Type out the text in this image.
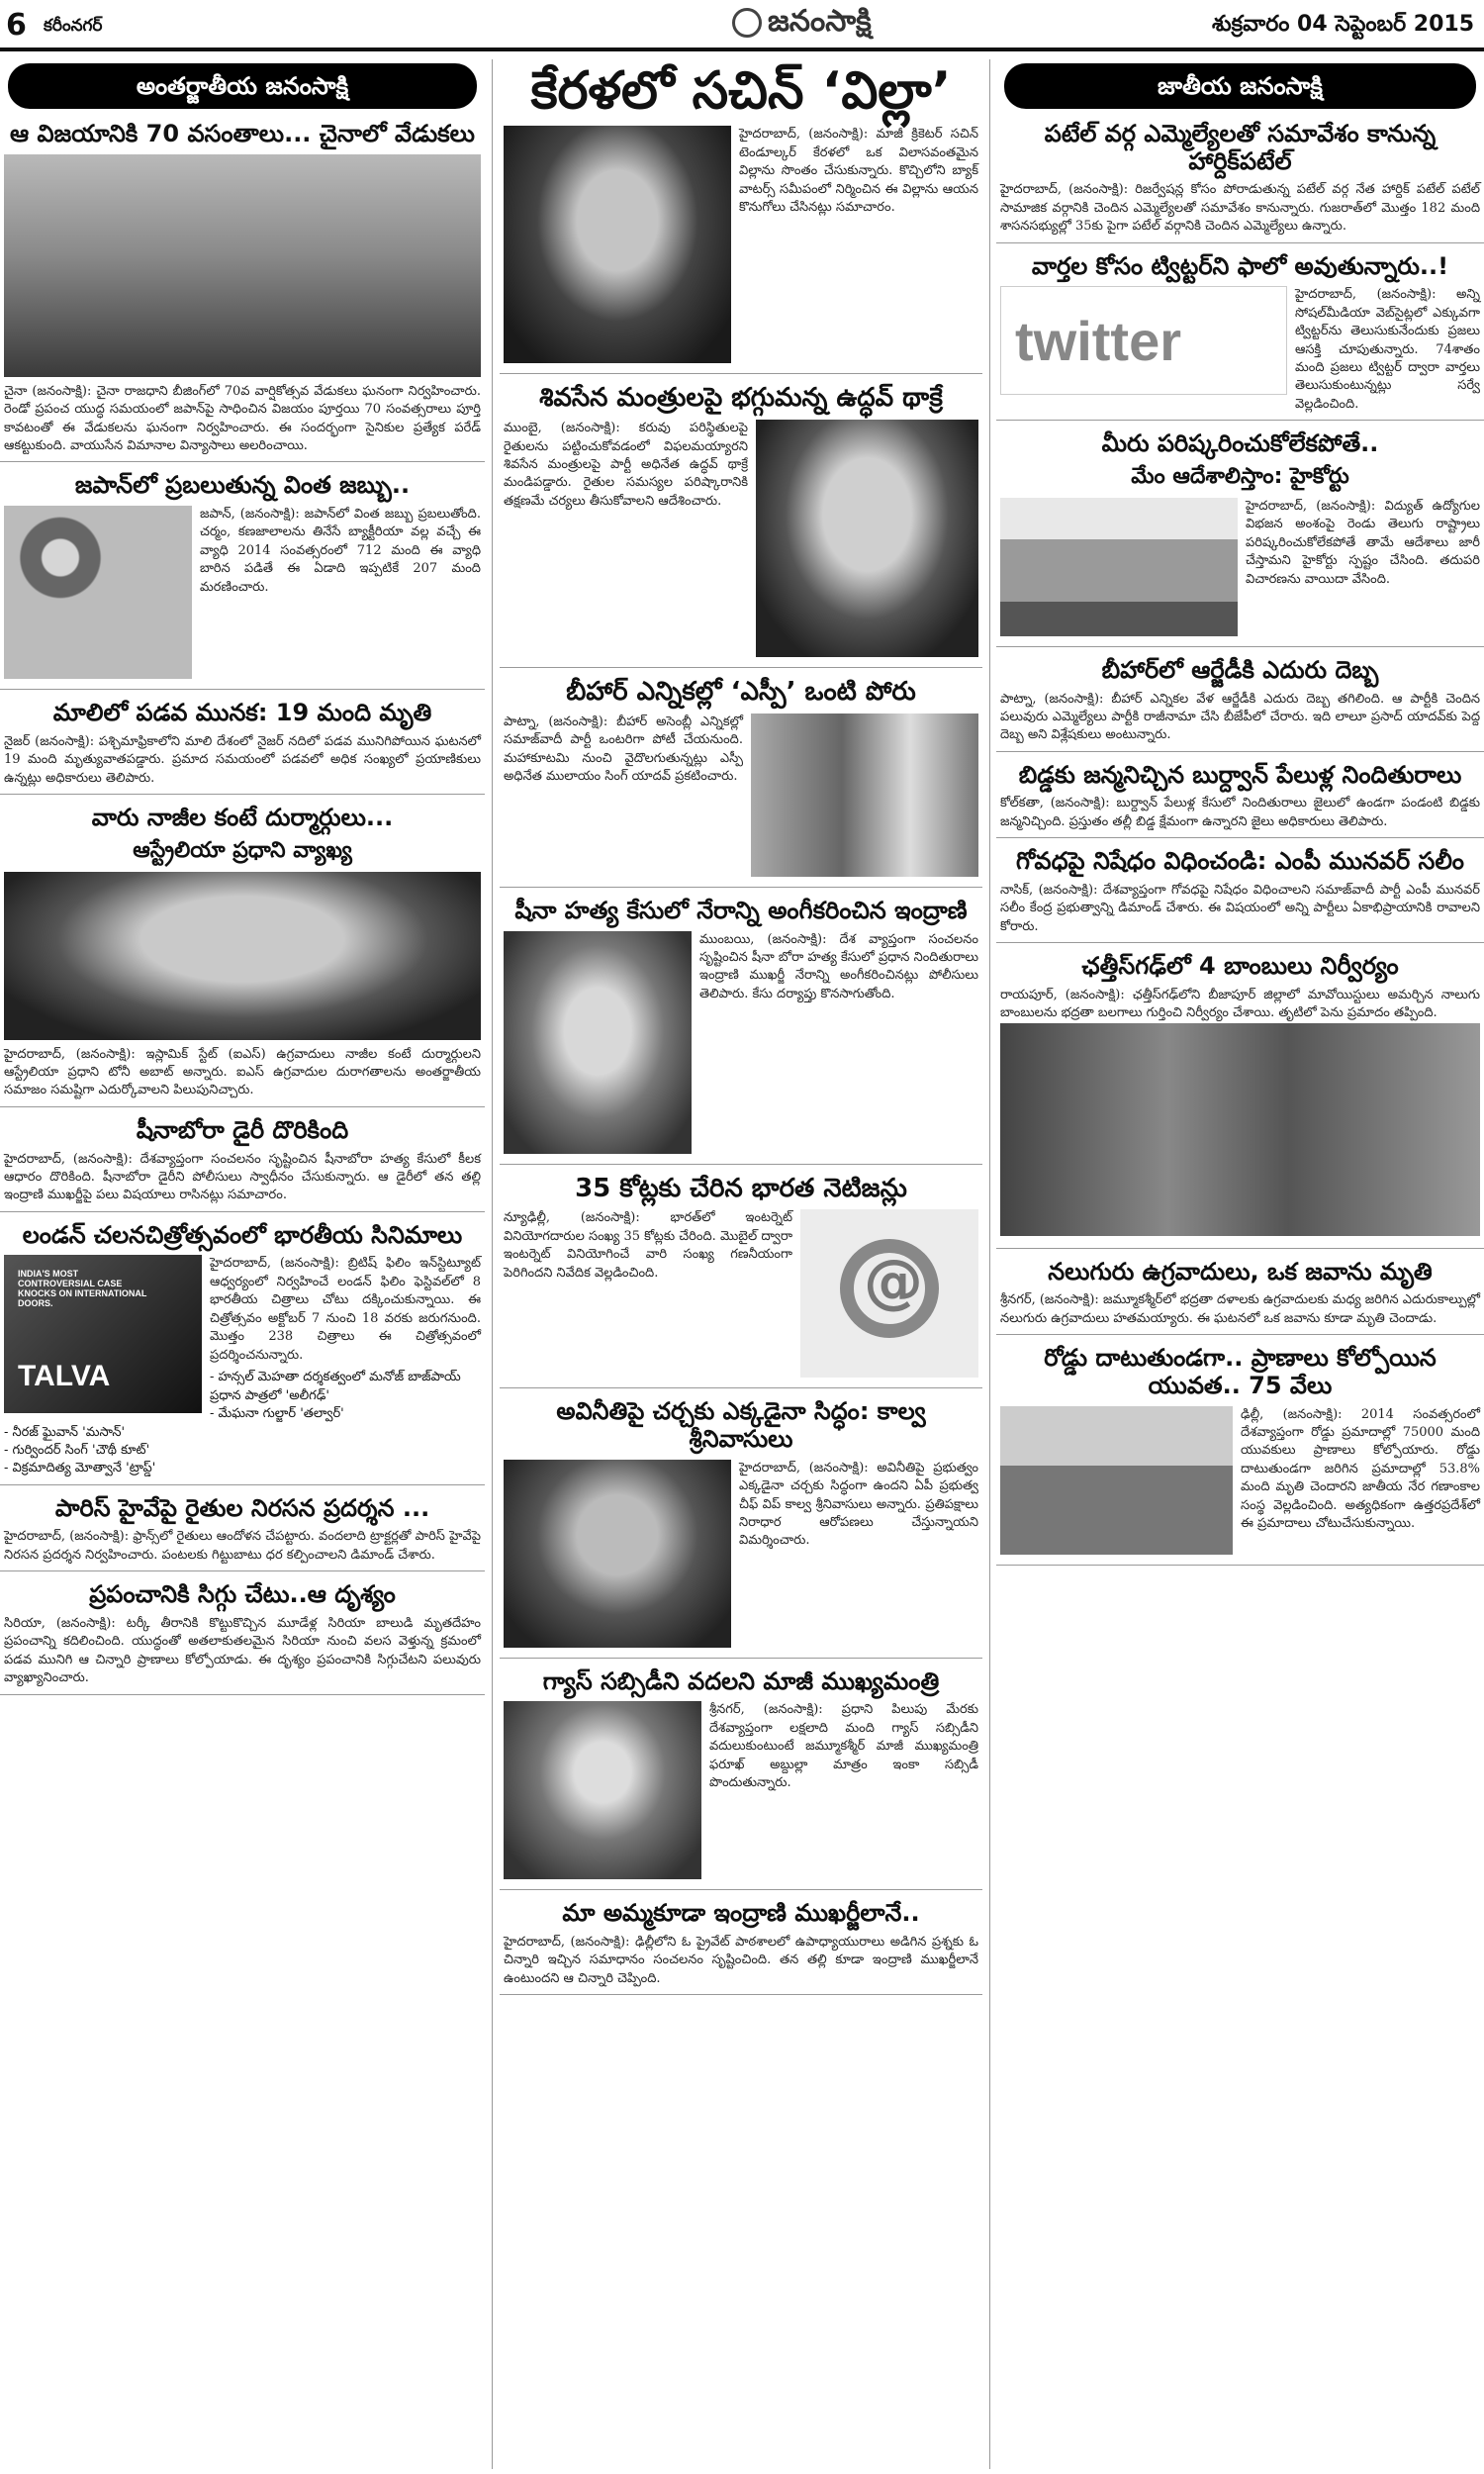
6 కరీంనగర్	జనంసాక్షి	శుక్రవారం 04 సెప్టెంబర్ 2015
అంతర్జాతీయ జనంసాక్షి
ఆ విజయానికి 70 వసంతాలు... చైనాలో వేడుకలు
చైనా (జనంసాక్షి): చైనా రాజధాని బీజింగ్‌లో 70వ వార్షికోత్సవ వేడుకలు ఘనంగా నిర్వహించారు. రెండో ప్రపంచ యుద్ధ సమయంలో జపాన్‌పై సాధించిన విజయం పూర్తయి 70 సంవత్సరాలు పూర్తి కావటంతో ఈ వేడుకలను ఘనంగా నిర్వహించారు. ఈ సందర్భంగా సైనికుల ప్రత్యేక పరేడ్ ఆకట్టుకుంది. వాయుసేన విమానాల విన్యాసాలు అలరించాయి.
జపాన్‌లో ప్రబలుతున్న వింత జబ్బు..
జపాన్, (జనంసాక్షి): జపాన్‌లో వింత జబ్బు ప్రబలుతోంది. చర్మం, కణజాలాలను తినేసే బ్యాక్టీరియా వల్ల వచ్చే ఈ వ్యాధి 2014 సంవత్సరంలో 712 మంది ఈ వ్యాధి బారిన పడితే ఈ ఏడాది ఇప్పటికే 207 మంది మరణించారు.
మాలిలో పడవ మునక: 19 మంది మృతి
నైజర్ (జనంసాక్షి): పశ్చిమాఫ్రికాలోని మాలి దేశంలో నైజర్ నదిలో పడవ మునిగిపోయిన ఘటనలో 19 మంది మృత్యువాతపడ్డారు. ప్రమాద సమయంలో పడవలో అధిక సంఖ్యలో ప్రయాణికులు ఉన్నట్లు అధికారులు తెలిపారు.
వారు నాజీల కంటే దుర్మార్గులు...
ఆస్ట్రేలియా ప్రధాని వ్యాఖ్య
హైదరాబాద్, (జనంసాక్షి): ఇస్లామిక్ స్టేట్ (ఐఎస్) ఉగ్రవాదులు నాజీల కంటే దుర్మార్గులని ఆస్ట్రేలియా ప్రధాని టోనీ అబాట్ అన్నారు. ఐఎస్ ఉగ్రవాదుల దురాగతాలను అంతర్జాతీయ సమాజం సమష్టిగా ఎదుర్కోవాలని పిలుపునిచ్చారు.
షీనాబోరా డైరీ దొరికింది
హైదరాబాద్, (జనంసాక్షి): దేశవ్యాప్తంగా సంచలనం సృష్టించిన షీనాబోరా హత్య కేసులో కీలక ఆధారం దొరికింది. షీనాబోరా డైరీని పోలీసులు స్వాధీనం చేసుకున్నారు. ఆ డైరీలో తన తల్లి ఇంద్రాణి ముఖర్జీపై పలు విషయాలు రాసినట్లు సమాచారం.
లండన్ చలనచిత్రోత్సవంలో భారతీయ సినిమాలు
INDIA'S MOST CONTROVERSIAL CASE KNOCKS ON INTERNATIONAL DOORS.
TALVA
హైదరాబాద్, (జనంసాక్షి): బ్రిటిష్ ఫిలిం ఇన్‌స్టిట్యూట్ ఆధ్వర్యంలో నిర్వహించే లండన్ ఫిలిం ఫెస్టివల్‌లో 8 భారతీయ చిత్రాలు చోటు దక్కించుకున్నాయి. ఈ చిత్రోత్సవం అక్టోబర్ 7 నుంచి 18 వరకు జరుగనుంది. మొత్తం 238 చిత్రాలు ఈ చిత్రోత్సవంలో ప్రదర్శించనున్నారు.
- హన్సల్ మెహతా దర్శకత్వంలో మనోజ్ బాజ్‌పాయ్ ప్రధాన పాత్రలో 'అలీగఢ్'
- మేఘనా గుల్జార్ 'తల్వార్'
- నీరజ్ ఘైవాన్ 'మసాన్'
- గుర్విందర్ సింగ్ 'చౌథీ కూట్'
- విక్రమాదిత్య మోత్వానే 'ట్రాప్డ్'
పారిస్ హైవేపై రైతుల నిరసన ప్రదర్శన ...
హైదరాబాద్, (జనంసాక్షి): ఫ్రాన్స్‌లో రైతులు ఆందోళన చేపట్టారు. వందలాది ట్రాక్టర్లతో పారిస్ హైవేపై నిరసన ప్రదర్శన నిర్వహించారు. పంటలకు గిట్టుబాటు ధర కల్పించాలని డిమాండ్ చేశారు.
ప్రపంచానికి సిగ్గు చేటు..ఆ దృశ్యం
సిరియా, (జనంసాక్షి): టర్కీ తీరానికి కొట్టుకొచ్చిన మూడేళ్ల సిరియా బాలుడి మృతదేహం ప్రపంచాన్ని కదిలించింది. యుద్ధంతో అతలాకుతలమైన సిరియా నుంచి వలస వెళ్తున్న క్రమంలో పడవ మునిగి ఆ చిన్నారి ప్రాణాలు కోల్పోయాడు. ఈ దృశ్యం ప్రపంచానికి సిగ్గుచేటని పలువురు వ్యాఖ్యానించారు.
కేరళలో సచిన్ ‘విల్లా’
హైదరాబాద్, (జనంసాక్షి): మాజీ క్రికెటర్ సచిన్ టెండూల్కర్ కేరళలో ఒక విలాసవంతమైన విల్లాను సొంతం చేసుకున్నారు. కొచ్చిలోని బ్యాక్ వాటర్స్ సమీపంలో నిర్మించిన ఈ విల్లాను ఆయన కొనుగోలు చేసినట్లు సమాచారం.
శివసేన మంత్రులపై భగ్గుమన్న ఉద్ధవ్ థాక్రే
ముంబై, (జనంసాక్షి): కరువు పరిస్థితులపై రైతులను పట్టించుకోవడంలో విఫలమయ్యారని శివసేన మంత్రులపై పార్టీ అధినేత ఉద్ధవ్ థాక్రే మండిపడ్డారు. రైతుల సమస్యల పరిష్కారానికి తక్షణమే చర్యలు తీసుకోవాలని ఆదేశించారు.
బీహార్ ఎన్నికల్లో ‘ఎస్పీ’ ఒంటి పోరు
పాట్నా, (జనంసాక్షి): బీహార్ అసెంబ్లీ ఎన్నికల్లో సమాజ్‌వాదీ పార్టీ ఒంటరిగా పోటీ చేయనుంది. మహాకూటమి నుంచి వైదొలగుతున్నట్లు ఎస్పీ అధినేత ములాయం సింగ్ యాదవ్ ప్రకటించారు.
షీనా హత్య కేసులో నేరాన్ని అంగీకరించిన ఇంద్రాణి
ముంబయి, (జనంసాక్షి): దేశ వ్యాప్తంగా సంచలనం సృష్టించిన షీనా బోరా హత్య కేసులో ప్రధాన నిందితురాలు ఇంద్రాణి ముఖర్జీ నేరాన్ని అంగీకరించినట్లు పోలీసులు తెలిపారు. కేసు దర్యాప్తు కొనసాగుతోంది.
35 కోట్లకు చేరిన భారత నెటిజన్లు
@
న్యూఢిల్లీ, (జనంసాక్షి): భారత్‌లో ఇంటర్నెట్ వినియోగదారుల సంఖ్య 35 కోట్లకు చేరింది. మొబైల్ ద్వారా ఇంటర్నెట్ వినియోగించే వారి సంఖ్య గణనీయంగా పెరిగిందని నివేదిక వెల్లడించింది.
అవినీతిపై చర్చకు ఎక్కడైనా సిద్ధం: కాల్వ శ్రీనివాసులు
హైదరాబాద్, (జనంసాక్షి): అవినీతిపై ప్రభుత్వం ఎక్కడైనా చర్చకు సిద్ధంగా ఉందని ఏపీ ప్రభుత్వ చీఫ్ విప్ కాల్వ శ్రీనివాసులు అన్నారు. ప్రతిపక్షాలు నిరాధార ఆరోపణలు చేస్తున్నాయని విమర్శించారు.
గ్యాస్ సబ్సిడీని వదలని మాజీ ముఖ్యమంత్రి
శ్రీనగర్, (జనంసాక్షి): ప్రధాని పిలుపు మేరకు దేశవ్యాప్తంగా లక్షలాది మంది గ్యాస్ సబ్సిడీని వదులుకుంటుంటే జమ్మూకశ్మీర్ మాజీ ముఖ్యమంత్రి ఫరూఖ్ అబ్దుల్లా మాత్రం ఇంకా సబ్సిడీ పొందుతున్నారు.
మా అమ్మకూడా ఇంద్రాణి ముఖర్జీలానే..
హైదరాబాద్, (జనంసాక్షి): ఢిల్లీలోని ఓ ప్రైవేట్ పాఠశాలలో ఉపాధ్యాయురాలు అడిగిన ప్రశ్నకు ఓ చిన్నారి ఇచ్చిన సమాధానం సంచలనం సృష్టించింది. తన తల్లి కూడా ఇంద్రాణి ముఖర్జీలానే ఉంటుందని ఆ చిన్నారి చెప్పింది.
జాతీయ జనంసాక్షి
పటేల్ వర్గ ఎమ్మెల్యేలతో సమావేశం కానున్న హార్దిక్‌పటేల్
హైదరాబాద్, (జనంసాక్షి): రిజర్వేషన్ల కోసం పోరాడుతున్న పటేల్ వర్గ నేత హార్దిక్ పటేల్ పటేల్ సామాజిక వర్గానికి చెందిన ఎమ్మెల్యేలతో సమావేశం కానున్నారు. గుజరాత్‌లో మొత్తం 182 మంది శాసనసభ్యుల్లో 35కు పైగా పటేల్ వర్గానికి చెందిన ఎమ్మెల్యేలు ఉన్నారు.
వార్తల కోసం ట్విట్టర్‌ని ఫాలో అవుతున్నారు..!
twitter
హైదరాబాద్, (జనంసాక్షి): అన్ని సోషల్‌మీడియా వెబ్‌సైట్లలో ఎక్కువగా ట్విట్టర్‌ను తెలుసుకునేందుకు ప్రజలు ఆసక్తి చూపుతున్నారు. 74శాతం మంది ప్రజలు ట్విట్టర్ ద్వారా వార్తలు తెలుసుకుంటున్నట్లు సర్వే వెల్లడించింది.
మీరు పరిష్కరించుకోలేకపోతే..
మేం ఆదేశాలిస్తాం: హైకోర్టు
హైదరాబాద్, (జనంసాక్షి): విద్యుత్ ఉద్యోగుల విభజన అంశంపై రెండు తెలుగు రాష్ట్రాలు పరిష్కరించుకోలేకపోతే తామే ఆదేశాలు జారీ చేస్తామని హైకోర్టు స్పష్టం చేసింది. తదుపరి విచారణను వాయిదా వేసింది.
బీహార్‌లో ఆర్జేడీకి ఎదురు దెబ్బ
పాట్నా, (జనంసాక్షి): బీహార్ ఎన్నికల వేళ ఆర్జేడీకి ఎదురు దెబ్బ తగిలింది. ఆ పార్టీకి చెందిన పలువురు ఎమ్మెల్యేలు పార్టీకి రాజీనామా చేసి బీజేపీలో చేరారు. ఇది లాలూ ప్రసాద్ యాదవ్‌కు పెద్ద దెబ్బ అని విశ్లేషకులు అంటున్నారు.
బిడ్డకు జన్మనిచ్చిన బుర్ద్వాన్ పేలుళ్ల నిందితురాలు
కోల్‌కతా, (జనంసాక్షి): బుర్ద్వాన్ పేలుళ్ల కేసులో నిందితురాలు జైలులో ఉండగా పండంటి బిడ్డకు జన్మనిచ్చింది. ప్రస్తుతం తల్లీ బిడ్డ క్షేమంగా ఉన్నారని జైలు అధికారులు తెలిపారు.
గోవధపై నిషేధం విధించండి: ఎంపీ మునవర్ సలీం
నాసిక్, (జనంసాక్షి): దేశవ్యాప్తంగా గోవధపై నిషేధం విధించాలని సమాజ్‌వాదీ పార్టీ ఎంపీ మునవర్ సలీం కేంద్ర ప్రభుత్వాన్ని డిమాండ్ చేశారు. ఈ విషయంలో అన్ని పార్టీలు ఏకాభిప్రాయానికి రావాలని కోరారు.
ఛత్తీస్‌గఢ్‌లో 4 బాంబులు నిర్వీర్యం
రాయపూర్, (జనంసాక్షి): ఛత్తీస్‌గఢ్‌లోని బీజాపూర్ జిల్లాలో మావోయిస్టులు అమర్చిన నాలుగు బాంబులను భద్రతా బలగాలు గుర్తించి నిర్వీర్యం చేశాయి. తృటిలో పెను ప్రమాదం తప్పింది.
నలుగురు ఉగ్రవాదులు, ఒక జవాను మృతి
శ్రీనగర్, (జనంసాక్షి): జమ్మూకశ్మీర్‌లో భద్రతా దళాలకు ఉగ్రవాదులకు మధ్య జరిగిన ఎదురుకాల్పుల్లో నలుగురు ఉగ్రవాదులు హతమయ్యారు. ఈ ఘటనలో ఒక జవాను కూడా మృతి చెందాడు.
రోడ్డు దాటుతుండగా.. ప్రాణాలు కోల్పోయిన యువత.. 75 వేలు
ఢిల్లీ, (జనంసాక్షి): 2014 సంవత్సరంలో దేశవ్యాప్తంగా రోడ్డు ప్రమాదాల్లో 75000 మంది యువకులు ప్రాణాలు కోల్పోయారు. రోడ్డు దాటుతుండగా జరిగిన ప్రమాదాల్లో 53.8% మంది మృతి చెందారని జాతీయ నేర గణాంకాల సంస్థ వెల్లడించింది. అత్యధికంగా ఉత్తరప్రదేశ్‌లో ఈ ప్రమాదాలు చోటుచేసుకున్నాయి.
